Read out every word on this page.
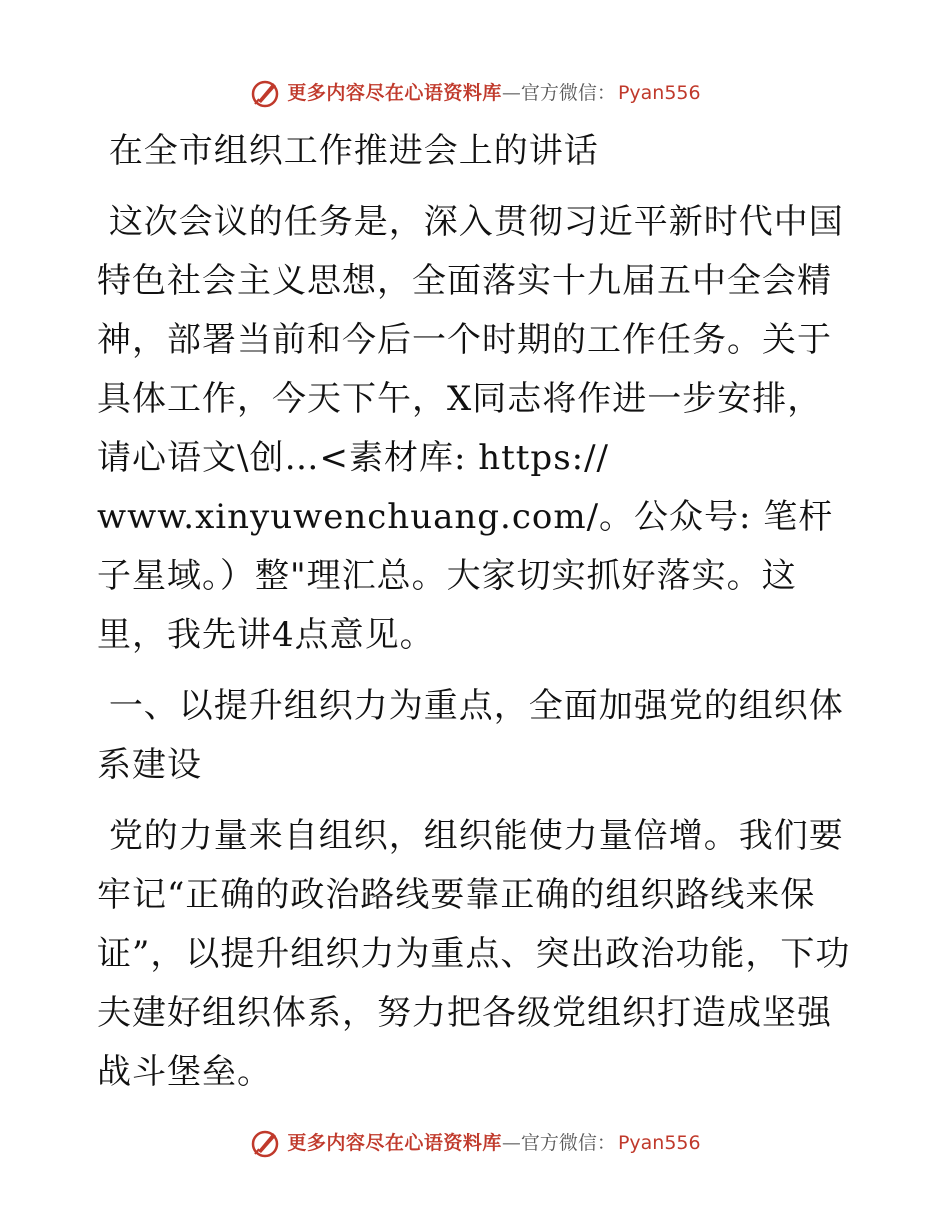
更多内容尽在心语资料库 — 官方微信： Pyan556

在全市组织工作推进会上的讲话

这次会议的任务是，深入贯彻习近平新时代中国特色社会主义思想，全面落实十九届五中全会精神，部署当前和今后一个时期的工作任务。关于具体工作，今天下午，X同志将作进一步安排，请心语文\创…<素材库: https://
www.xinyuwenchuang.com/。公众号: 笔杆子星域。）整"理汇总。大家切实抓好落实。这里，我先讲4点意见。

一、以提升组织力为重点，全面加强党的组织体系建设

党的力量来自组织，组织能使力量倍增。我们要牢记“正确的政治路线要靠正确的组织路线来保证”，以提升组织力为重点、突出政治功能，下功夫建好组织体系，努力把各级党组织打造成坚强战斗堡垒。

更多内容尽在心语资料库 — 官方微信： Pyan556
